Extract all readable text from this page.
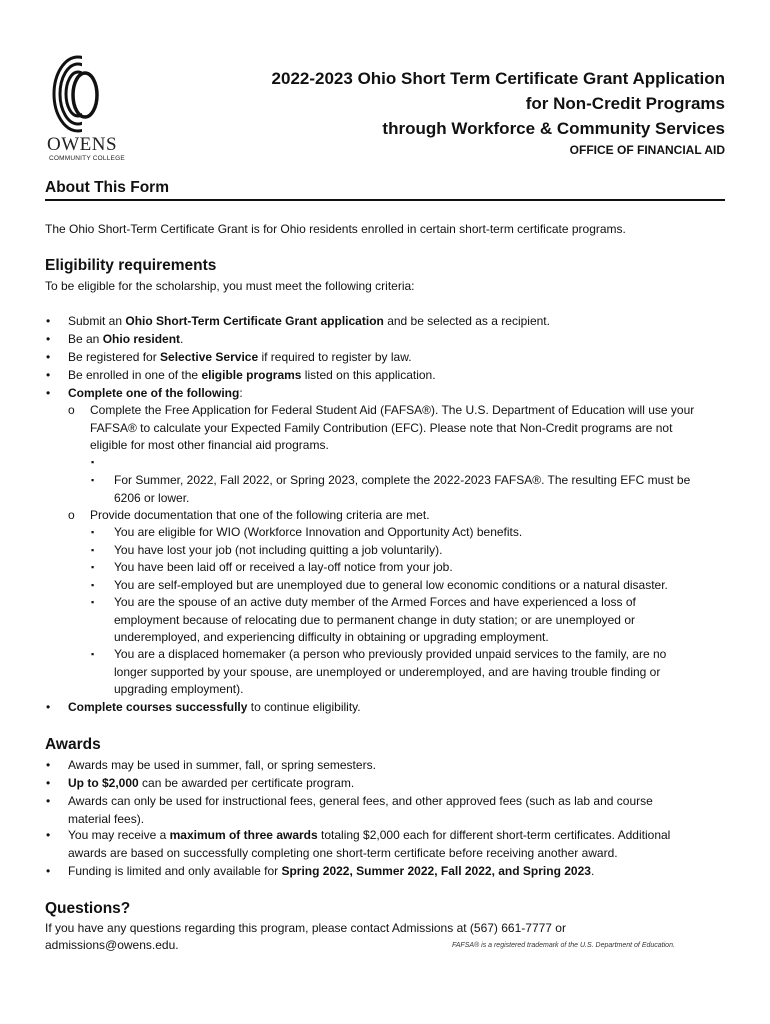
OWENS
COMMUNITY COLLEGE
2022-2023 Ohio Short Term Certificate Grant Application
for Non-Credit Programs
through Workforce & Community Services
OFFICE OF FINANCIAL AID
About This Form
The Ohio Short-Term Certificate Grant is for Ohio residents enrolled in certain short-term certificate programs.
Eligibility requirements
To be eligible for the scholarship, you must meet the following criteria:
• Submit an Ohio Short-Term Certificate Grant application and be selected as a recipient.
• Be an Ohio resident.
• Be registered for Selective Service if required to register by law.
• Be enrolled in one of the eligible programs listed on this application.
• Complete one of the following:
o Complete the Free Application for Federal Student Aid (FAFSA®). The U.S. Department of Education will use your
FAFSA® to calculate your Expected Family Contribution (EFC). Please note that Non-Credit programs are not
eligible for most other financial aid programs.
▪
▪ For Summer, 2022, Fall 2022, or Spring 2023, complete the 2022-2023 FAFSA®. The resulting EFC must be
6206 or lower.
o Provide documentation that one of the following criteria are met.
▪ You are eligible for WIO (Workforce Innovation and Opportunity Act) benefits.
▪ You have lost your job (not including quitting a job voluntarily).
▪ You have been laid off or received a lay-off notice from your job.
▪ You are self-employed but are unemployed due to general low economic conditions or a natural disaster.
▪ You are the spouse of an active duty member of the Armed Forces and have experienced a loss of
employment because of relocating due to permanent change in duty station; or are unemployed or
underemployed, and experiencing difficulty in obtaining or upgrading employment.
▪ You are a displaced homemaker (a person who previously provided unpaid services to the family, are no
longer supported by your spouse, are unemployed or underemployed, and are having trouble finding or
upgrading employment).
• Complete courses successfully to continue eligibility.
Awards
• Awards may be used in summer, fall, or spring semesters.
• Up to $2,000 can be awarded per certificate program.
• Awards can only be used for instructional fees, general fees, and other approved fees (such as lab and course
material fees).
• You may receive a maximum of three awards totaling $2,000 each for different short-term certificates. Additional
awards are based on successfully completing one short-term certificate before receiving another award.
• Funding is limited and only available for Spring 2022, Summer 2022, Fall 2022, and Spring 2023.
Questions?
If you have any questions regarding this program, please contact Admissions at (567) 661-7777 or
admissions@owens.edu.	FAFSA® is a registered trademark of the U.S. Department of Education.
